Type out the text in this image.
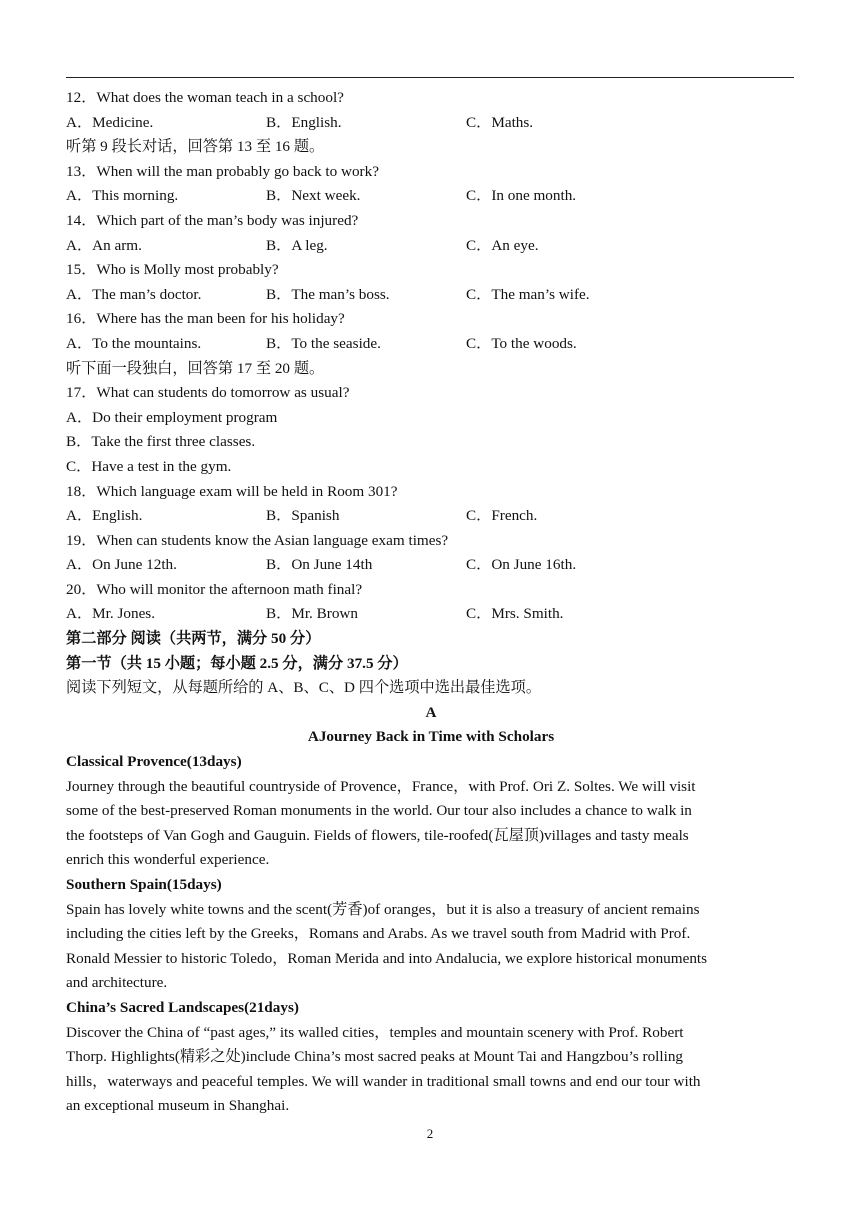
12．What does the woman teach in a school?
A．Medicine.	B．English.	C．Maths.
听第 9 段长对话，回答第 13 至 16 题。
13．When will the man probably go back to work?
A．This morning.	B．Next week.	C．In one month.
14．Which part of the man’s body was injured?
A．An arm.	B．A leg.	C．An eye.
15．Who is Molly most probably?
A．The man’s doctor.	B．The man’s boss.	C．The man’s wife.
16．Where has the man been for his holiday?
A．To the mountains.	B．To the seaside.	C．To the woods.
听下面一段独白，回答第 17 至 20 题。
17．What can students do tomorrow as usual?
A．Do their employment program
B．Take the first three classes.
C．Have a test in the gym.
18．Which language exam will be held in Room 301?
A．English.	B．Spanish	C．French.
19．When can students know the Asian language exam times?
A．On June 12th.	B．On June 14th	C．On June 16th.
20．Who will monitor the afternoon math final?
A．Mr. Jones.	B．Mr. Brown	C．Mrs. Smith.
第二部分 阅读（共两节，满分 50 分）
第一节（共 15 小题；每小题 2.5 分，满分 37.5 分）
阅读下列短文，从每题所给的 A、B、C、D 四个选项中选出最佳选项。
A
AJourney Back in Time with Scholars
Classical Provence(13days)
Journey through the beautiful countryside of Provence，France，with Prof. Ori Z. Soltes. We will visit
some of the best-preserved Roman monuments in the world. Our tour also includes a chance to walk in
the footsteps of Van Gogh and Gauguin. Fields of flowers, tile-roofed(瓦屋顶)villages and tasty meals
enrich this wonderful experience.
Southern Spain(15days)
Spain has lovely white towns and the scent(芳香)of oranges，but it is also a treasury of ancient remains
including the cities left by the Greeks，Romans and Arabs. As we travel south from Madrid with Prof.
Ronald Messier to historic Toledo，Roman Merida and into Andalucia, we explore historical monuments
and architecture.
China’s Sacred Landscapes(21days)
Discover the China of “past ages,” its walled cities，temples and mountain scenery with Prof. Robert
Thorp. Highlights(精彩之处)include China’s most sacred peaks at Mount Tai and Hangzbou’s rolling
hills，waterways and peaceful temples. We will wander in traditional small towns and end our tour with
an exceptional museum in Shanghai.
2
